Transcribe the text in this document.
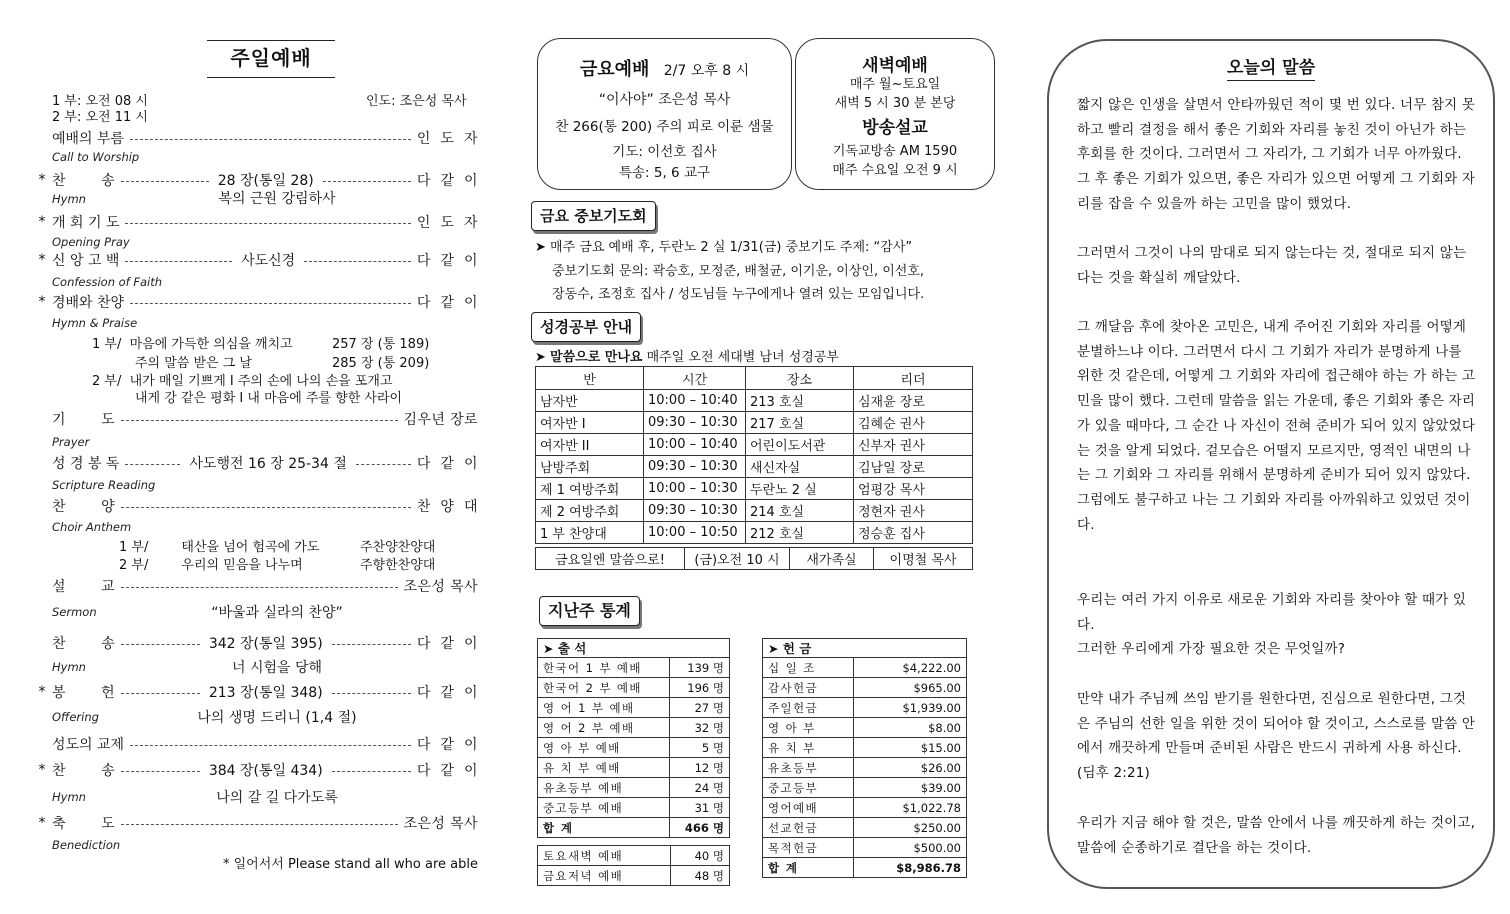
주일예배
1 부: 오전 08 시
2 부: 오전 11 시
인도: 조은성 목사
예배의 부름	인  도  자
Call to Worship
* 찬        송	28 장(통일 28)	다  같  이
Hymn	복의 근원 강림하사
* 개 회 기 도	인  도  자
Opening Pray
* 신 앙 고 백	사도신경	다  같  이
Confession of Faith
* 경배와 찬양	다  같  이
Hymn & Praise
기        도	김우년 장로
Prayer
성 경 봉 독	사도행전 16 장 25-34 절	다  같  이
Scripture Reading
찬        양	찬  양  대
Choir Anthem
설        교	조은성 목사
Sermon	“바울과 실라의 찬양”
찬        송	342 장(통일 395)	다  같  이
Hymn	너 시험을 당해
* 봉        헌	213 장(통일 348)	다  같  이
Offering	나의 생명 드리니 (1,4 절)
성도의 교제	다  같  이
* 찬        송	384 장(통일 434)	다  같  이
Hymn	나의 갈 길 다가도록
* 축        도	조은성 목사
Benediction
1 부/ 마음에 가득한 의심을 깨치고	257 장 (통 189)
주의 말씀 받은 그 날	285 장 (통 209)
2 부/ 내가 매일 기쁘게 I 주의 손에 나의 손을 포개고
내게 강 같은 평화 I 내 마음에 주를 향한 사라이
1 부/	태산을 넘어 험곡에 가도	주찬양찬양대
2 부/	우리의 믿음을 나누며	주향한찬양대
* 일어서서 Please stand all who are able
금요예배 2/7 오후 8 시
“이사야” 조은성 목사
찬 266(통 200) 주의 피로 이룬 샘물
기도: 이선호 집사
특송: 5, 6 교구
새벽예배
매주 월~토요일
새벽 5 시 30 분 본당
방송설교
기독교방송 AM 1590
매주 수요일 오전 9 시
금요 중보기도회
➤ 매주 금요 예배 후, 두란노 2 실 1/31(금) 중보기도 주제: “감사”
중보기도회 문의: 곽승호, 모정준, 배철균, 이기운, 이상인, 이선호,
장동수, 조정호 집사 / 성도님들 누구에게나 열려 있는 모임입니다.
성경공부 안내
➤ 말씀으로 만나요 매주일 오전 세대별 남녀 성경공부
반	시간	장소	리더
남자반	10:00 – 10:40	213 호실	심재윤 장로
여자반 I	09:30 – 10:30	217 호실	김혜순 권사
여자반 II	10:00 – 10:40	어린이도서관	신부자 권사
남방주회	09:30 – 10:30	새신자실	김남일 장로
제 1 여방주회	10:00 – 10:30	두란노 2 실	엄평강 목사
제 2 여방주회	09:30 – 10:30	214 호실	정현자 권사
1 부 찬양대	10:00 – 10:50	212 호실	정승훈 집사
금요일엔 말씀으로!	(금)오전 10 시	새가족실	이명철 목사
지난주 통계
➤ 출 석	
한국어 1 부 예배	139 명
한국어 2 부 예배	196 명
영 어 1 부 예배	27 명
영 어 2 부 예배	32 명
영 아 부 예배	5 명
유 치 부 예배	12 명
유초등부 예배	24 명
중고등부 예배	31 명
합 계	466 명
토요새벽 예배	40 명
금요저녁 예배	48 명
➤ 헌 금	
십 일 조	$4,222.00
감사헌금	$965.00
주일헌금	$1,939.00
영 아 부	$8.00
유 치 부	$15.00
유초등부	$26.00
중고등부	$39.00
영어예배	$1,022.78
선교헌금	$250.00
목적헌금	$500.00
합 계	$8,986.78
오늘의 말씀
짧지 않은 인생을 살면서 안타까웠던 적이 몇 번 있다. 너무 참지 못하고 빨리 결정을 해서 좋은 기회와 자리를 놓친 것이 아닌가 하는 후회를 한 것이다. 그러면서 그 자리가, 그 기회가 너무 아까웠다. 그 후 좋은 기회가 있으면, 좋은 자리가 있으면 어떻게 그 기회와 자리를 잡을 수 있을까 하는 고민을 많이 했었다.
그러면서 그것이 나의 맘대로 되지 않는다는 것, 절대로 되지 않는다는 것을 확실히 깨달았다.
그 깨달음 후에 찾아온 고민은, 내게 주어진 기회와 자리를 어떻게 분별하느냐 이다. 그러면서 다시 그 기회가 자리가 분명하게 나를 위한 것 같은데, 어떻게 그 기회와 자리에 접근해야 하는 가 하는 고민을 많이 했다. 그런데 말씀을 읽는 가운데, 좋은 기회와 좋은 자리가 있을 때마다, 그 순간 나 자신이 전혀 준비가 되어 있지 않았었다는 것을 알게 되었다. 겉모습은 어떨지 모르지만, 영적인 내면의 나는 그 기회와 그 자리를 위해서 분명하게 준비가 되어 있지 않았다. 그럼에도 불구하고 나는 그 기회와 자리를 아까워하고 있었던 것이다.
우리는 여러 가지 이유로 새로운 기회와 자리를 찾아야 할 때가 있다.
그러한 우리에게 가장 필요한 것은 무엇일까?
만약 내가 주님께 쓰임 받기를 원한다면, 진심으로 원한다면, 그것은 주님의 선한 일을 위한 것이 되어야 할 것이고, 스스로를 말씀 안에서 깨끗하게 만들며 준비된 사람은 반드시 귀하게 사용 하신다.(딤후 2:21)
우리가 지금 해야 할 것은, 말씀 안에서 나를 깨끗하게 하는 것이고, 말씀에 순종하기로 결단을 하는 것이다.
